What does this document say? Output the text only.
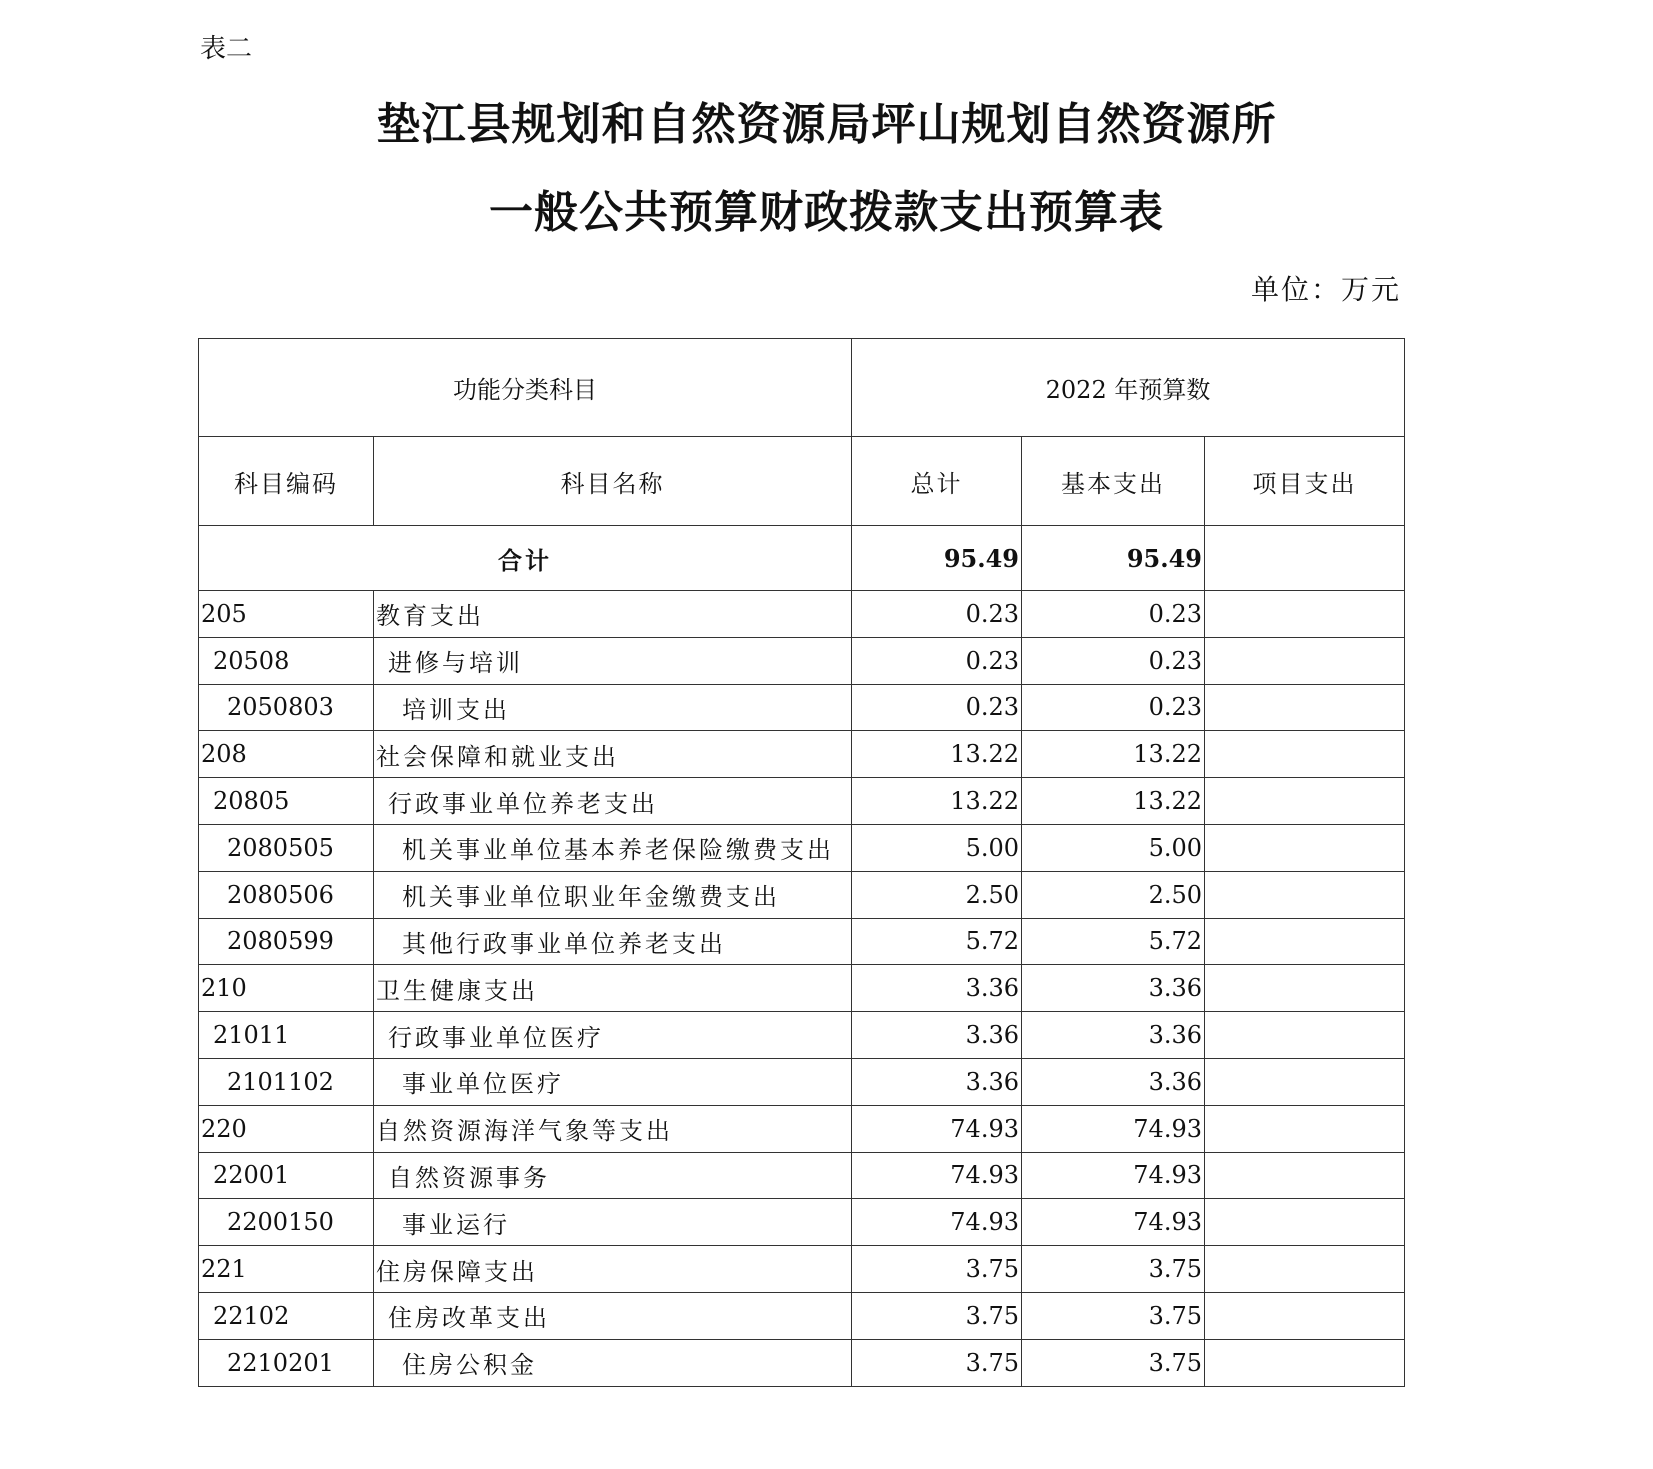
表二
垫江县规划和自然资源局坪山规划自然资源所
一般公共预算财政拨款支出预算表
单位：万元
功能分类科目		2022 年预算数		
科目编码	科目名称	总计	基本支出	项目支出
合计		95.49	95.49	
205	教育支出	0.23	0.23	
20508	进修与培训	0.23	0.23	
2050803	培训支出	0.23	0.23	
208	社会保障和就业支出	13.22	13.22	
20805	行政事业单位养老支出	13.22	13.22	
2080505	机关事业单位基本养老保险缴费支出	5.00	5.00	
2080506	机关事业单位职业年金缴费支出	2.50	2.50	
2080599	其他行政事业单位养老支出	5.72	5.72	
210	卫生健康支出	3.36	3.36	
21011	行政事业单位医疗	3.36	3.36	
2101102	事业单位医疗	3.36	3.36	
220	自然资源海洋气象等支出	74.93	74.93	
22001	自然资源事务	74.93	74.93	
2200150	事业运行	74.93	74.93	
221	住房保障支出	3.75	3.75	
22102	住房改革支出	3.75	3.75	
2210201	住房公积金	3.75	3.75	
